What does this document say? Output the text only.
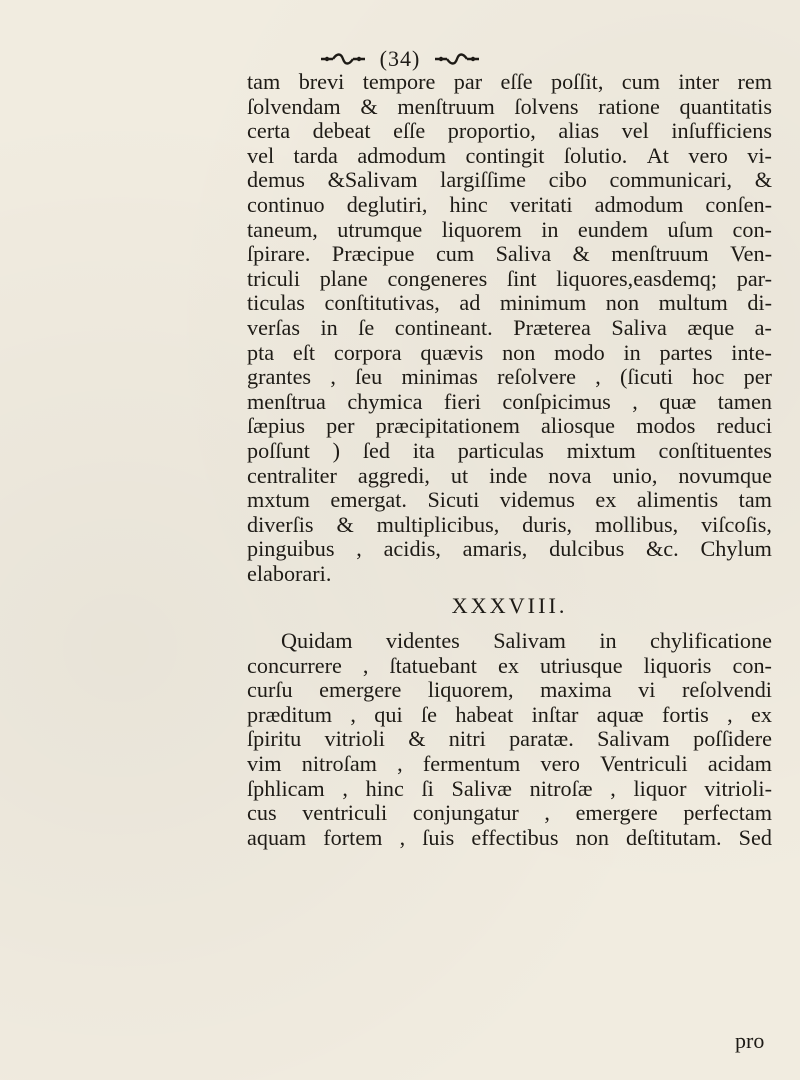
(34)
tam brevi tempore par eſſe poſſit, cum inter rem
ſolvendam & menſtruum ſolvens ratione quantitatis
certa debeat eſſe proportio, alias vel inſufficiens
vel tarda admodum contingit ſolutio. At vero vi-
demus &Salivam largiſſime cibo communicari, &
continuo deglutiri, hinc veritati admodum conſen-
taneum, utrumque liquorem in eundem uſum con-
ſpirare. Præcipue cum Saliva & menſtruum Ven-
triculi plane congeneres ſint liquores,easdemq; par-
ticulas conſtitutivas, ad minimum non multum di-
verſas in ſe contineant. Præterea Saliva æque a-
pta eſt corpora quævis non modo in partes inte-
grantes , ſeu minimas reſolvere , (ſicuti hoc per
menſtrua chymica fieri conſpicimus , quæ tamen
ſæpius per præcipitationem aliosque modos reduci
poſſunt ) ſed ita particulas mixtum conſtituentes
centraliter aggredi, ut inde nova unio, novumque
mxtum emergat. Sicuti videmus ex alimentis tam
diverſis & multiplicibus, duris, mollibus, viſcoſis,
pinguibus , acidis, amaris, dulcibus &c. Chylum
elaborari.
XXXVIII.
Quidam videntes Salivam in chylificatione
concurrere , ſtatuebant ex utriusque liquoris con-
curſu emergere liquorem, maxima vi reſolvendi
præditum , qui ſe habeat inſtar aquæ fortis , ex
ſpiritu vitrioli & nitri paratæ. Salivam poſſidere
vim nitroſam , fermentum vero Ventriculi acidam
ſphlicam , hinc ſi Salivæ nitroſæ , liquor vitrioli-
cus ventriculi conjungatur , emergere perfectam
aquam fortem , ſuis effectibus non deſtitutam. Sed
pro
